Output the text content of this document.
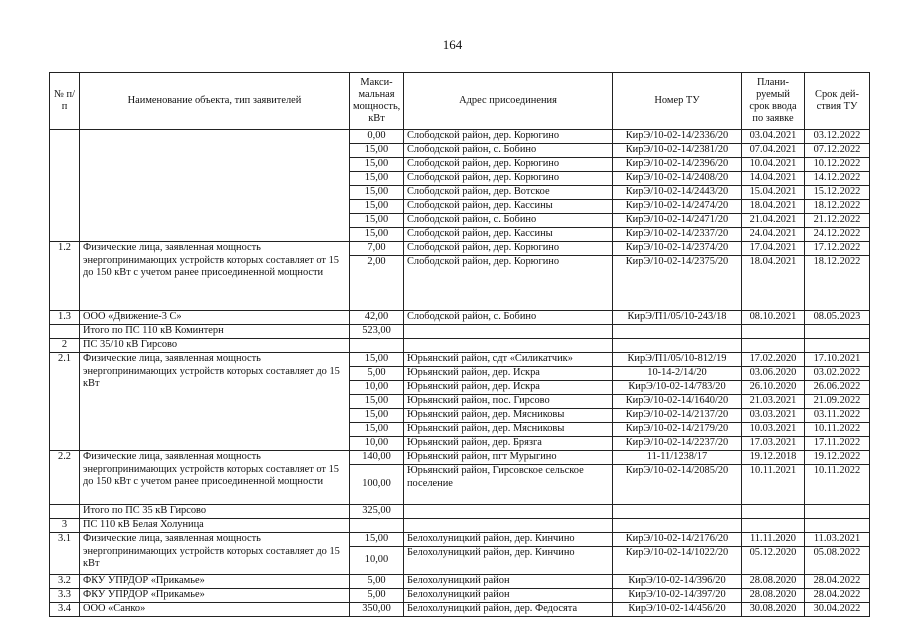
164
№ п/п	Наименование объекта, тип заявителей	Макси-мальная мощность, кВт	Адрес присоединения	Номер ТУ	Плани-руемый срок ввода по заявке	Срок дей-ствия ТУ
		0,00	Слободской район, дер. Корюгино	КирЭ/10-02-14/2336/20	03.04.2021	03.12.2022
		15,00	Слободской район, с. Бобино	КирЭ/10-02-14/2381/20	07.04.2021	07.12.2022
		15,00	Слободской район, дер. Корюгино	КирЭ/10-02-14/2396/20	10.04.2021	10.12.2022
		15,00	Слободской район, дер. Корюгино	КирЭ/10-02-14/2408/20	14.04.2021	14.12.2022
		15,00	Слободской район, дер. Вотское	КирЭ/10-02-14/2443/20	15.04.2021	15.12.2022
		15,00	Слободской район, дер. Кассины	КирЭ/10-02-14/2474/20	18.04.2021	18.12.2022
		15,00	Слободской район, с. Бобино	КирЭ/10-02-14/2471/20	21.04.2021	21.12.2022
		15,00	Слободской район, дер. Кассины	КирЭ/10-02-14/2337/20	24.04.2021	24.12.2022
1.2	Физические лица, заявленная мощность энергопринимающих устройств которых составляет от 15 до 150 кВт с учетом ранее присоединенной мощности	7,00	Слободской район, дер. Корюгино	КирЭ/10-02-14/2374/20	17.04.2021	17.12.2022
		2,00	Слободской район, дер. Корюгино	КирЭ/10-02-14/2375/20	18.04.2021	18.12.2022
1.3	ООО «Движение-3 С»	42,00	Слободской район, с. Бобино	КирЭ/П1/05/10-243/18	08.10.2021	08.05.2023
	Итого по ПС 110 кВ Коминтерн	523,00				
2	ПС 35/10 кВ Гирсово					
2.1	Физические лица, заявленная мощность энергопринимающих устройств которых составляет до 15 кВт	15,00	Юрьянский район, сдт «Силикатчик»	КирЭ/П1/05/10-812/19	17.02.2020	17.10.2021
		5,00	Юрьянский район, дер. Искра	10-14-2/14/20	03.06.2020	03.02.2022
		10,00	Юрьянский район, дер. Искра	КирЭ/10-02-14/783/20	26.10.2020	26.06.2022
		15,00	Юрьянский район, пос. Гирсово	КирЭ/10-02-14/1640/20	21.03.2021	21.09.2022
		15,00	Юрьянский район, дер. Мясниковы	КирЭ/10-02-14/2137/20	03.03.2021	03.11.2022
		15,00	Юрьянский район, дер. Мясниковы	КирЭ/10-02-14/2179/20	10.03.2021	10.11.2022
		10,00	Юрьянский район, дер. Брязга	КирЭ/10-02-14/2237/20	17.03.2021	17.11.2022
2.2	Физические лица, заявленная мощность энергопринимающих устройств которых составляет от 15 до 150 кВт с учетом ранее присоединенной мощности	140,00	Юрьянский район, пгт Мурыгино	11-11/1238/17	19.12.2018	19.12.2022
		100,00	Юрьянский район, Гирсовское сельское поселение	КирЭ/10-02-14/2085/20	10.11.2021	10.11.2022
	Итого по ПС 35 кВ Гирсово	325,00				
3	ПС 110 кВ Белая Холуница					
3.1	Физические лица, заявленная мощность энергопринимающих устройств которых составляет до 15 кВт	15,00	Белохолуницкий район, дер. Кинчино	КирЭ/10-02-14/2176/20	11.11.2020	11.03.2021
		10,00	Белохолуницкий район, дер. Кинчино	КирЭ/10-02-14/1022/20	05.12.2020	05.08.2022
3.2	ФКУ УПРДОР «Прикамье»	5,00	Белохолуницкий район	КирЭ/10-02-14/396/20	28.08.2020	28.04.2022
3.3	ФКУ УПРДОР «Прикамье»	5,00	Белохолуницкий район	КирЭ/10-02-14/397/20	28.08.2020	28.04.2022
3.4	ООО «Санко»	350,00	Белохолуницкий район, дер. Федосята	КирЭ/10-02-14/456/20	30.08.2020	30.04.2022
